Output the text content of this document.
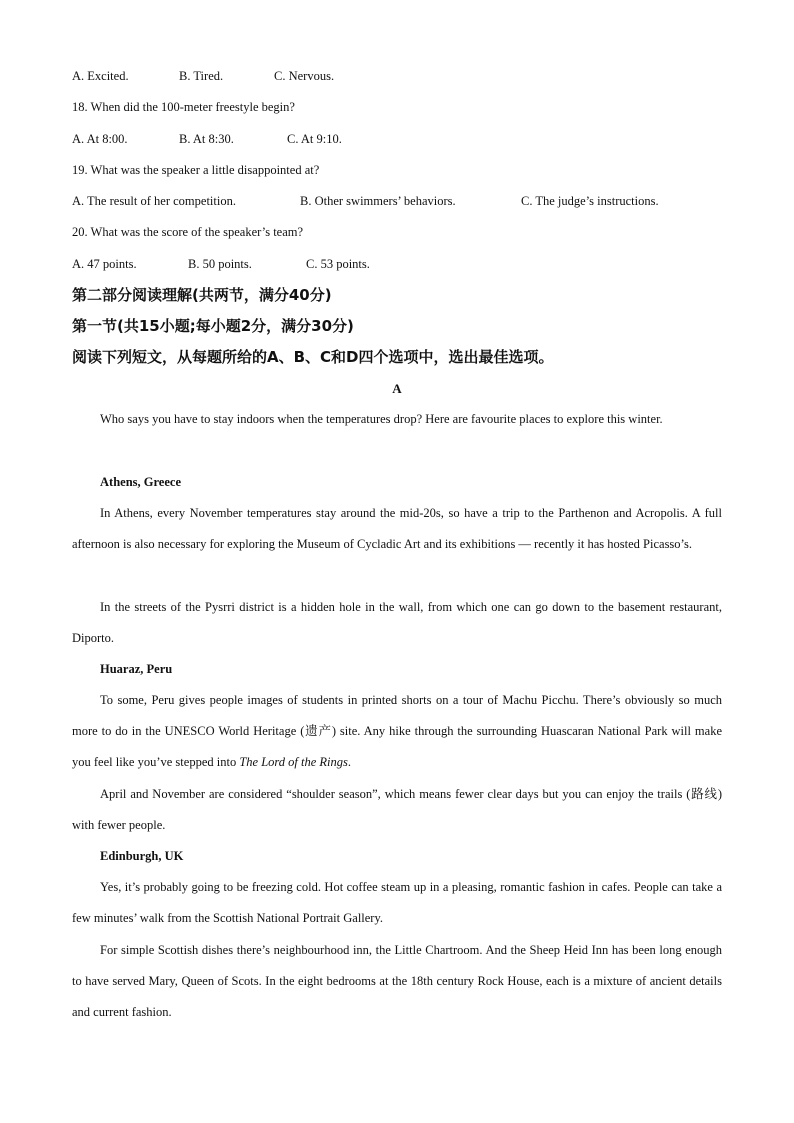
A. Excited.	B. Tired.	C. Nervous.
18. When did the 100-meter freestyle begin?
A. At 8:00.	B. At 8:30.	C. At 9:10.
19. What was the speaker a little disappointed at?
A. The result of her competition.	B. Other swimmers’ behaviors.	C. The judge’s instructions.
20. What was the score of the speaker’s team?
A. 47 points.	B. 50 points.	C. 53 points.
第二部分阅读理解(共两节，满分40分)
第一节(共15小题;每小题2分，满分30分)
阅读下列短文，从每题所给的A、B、C和D四个选项中，选出最佳选项。
A
Who says you have to stay indoors when the temperatures drop? Here are favourite places to explore this winter.
Athens, Greece
In Athens, every November temperatures stay around the mid-20s, so have a trip to the Parthenon and Acropolis. A full afternoon is also necessary for exploring the Museum of Cycladic Art and its exhibitions — recently it has hosted Picasso’s.
In the streets of the Pysrri district is a hidden hole in the wall, from which one can go down to the basement restaurant, Diporto.
Huaraz, Peru
To some, Peru gives people images of students in printed shorts on a tour of Machu Picchu. There’s obviously so much more to do in the UNESCO World Heritage (遗产) site. Any hike through the surrounding Huascaran National Park will make you feel like you’ve stepped into The Lord of the Rings.
April and November are considered “shoulder season”, which means fewer clear days but you can enjoy the trails (路线) with fewer people.
Edinburgh, UK
Yes, it’s probably going to be freezing cold. Hot coffee steam up in a pleasing, romantic fashion in cafes. People can take a few minutes’ walk from the Scottish National Portrait Gallery.
For simple Scottish dishes there’s neighbourhood inn, the Little Chartroom. And the Sheep Heid Inn has been long enough to have served Mary, Queen of Scots. In the eight bedrooms at the 18th century Rock House, each is a mixture of ancient details and current fashion.
